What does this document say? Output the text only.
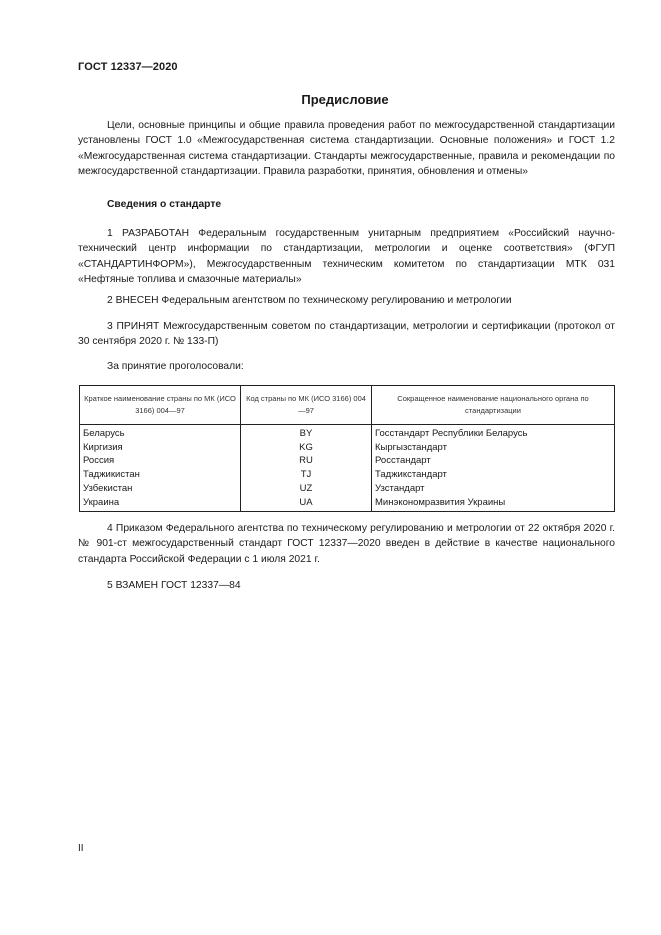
ГОСТ 12337—2020
Предисловие
Цели, основные принципы и общие правила проведения работ по межгосударственной стандартизации установлены ГОСТ 1.0 «Межгосударственная система стандартизации. Основные положения» и ГОСТ 1.2 «Межгосударственная система стандартизации. Стандарты межгосударственные, правила и рекомендации по межгосударственной стандартизации. Правила разработки, принятия, обновления и отмены»
Сведения о стандарте
1 РАЗРАБОТАН Федеральным государственным унитарным предприятием «Российский научно-технический центр информации по стандартизации, метрологии и оценке соответствия» (ФГУП «СТАНДАРТИНФОРМ»), Межгосударственным техническим комитетом по стандартизации МТК 031 «Нефтяные топлива и смазочные материалы»
2 ВНЕСЕН Федеральным агентством по техническому регулированию и метрологии
3 ПРИНЯТ Межгосударственным советом по стандартизации, метрологии и сертификации (протокол от 30 сентября 2020 г. № 133-П)
За принятие проголосовали:
Краткое наименование страны по МК (ИСО 3166) 004—97	Код страны по МК (ИСО 3166) 004—97	Сокращенное наименование национального органа по стандартизации
Беларусь	BY	Госстандарт Республики Беларусь
Киргизия	KG	Кыргызстандарт
Россия	RU	Росстандарт
Таджикистан	TJ	Таджикстандарт
Узбекистан	UZ	Узстандарт
Украина	UA	Минэкономразвития Украины
4 Приказом Федерального агентства по техническому регулированию и метрологии от 22 октября 2020 г. № 901-ст межгосударственный стандарт ГОСТ 12337—2020 введен в действие в качестве национального стандарта Российской Федерации с 1 июля 2021 г.
5 ВЗАМЕН ГОСТ 12337—84
II
